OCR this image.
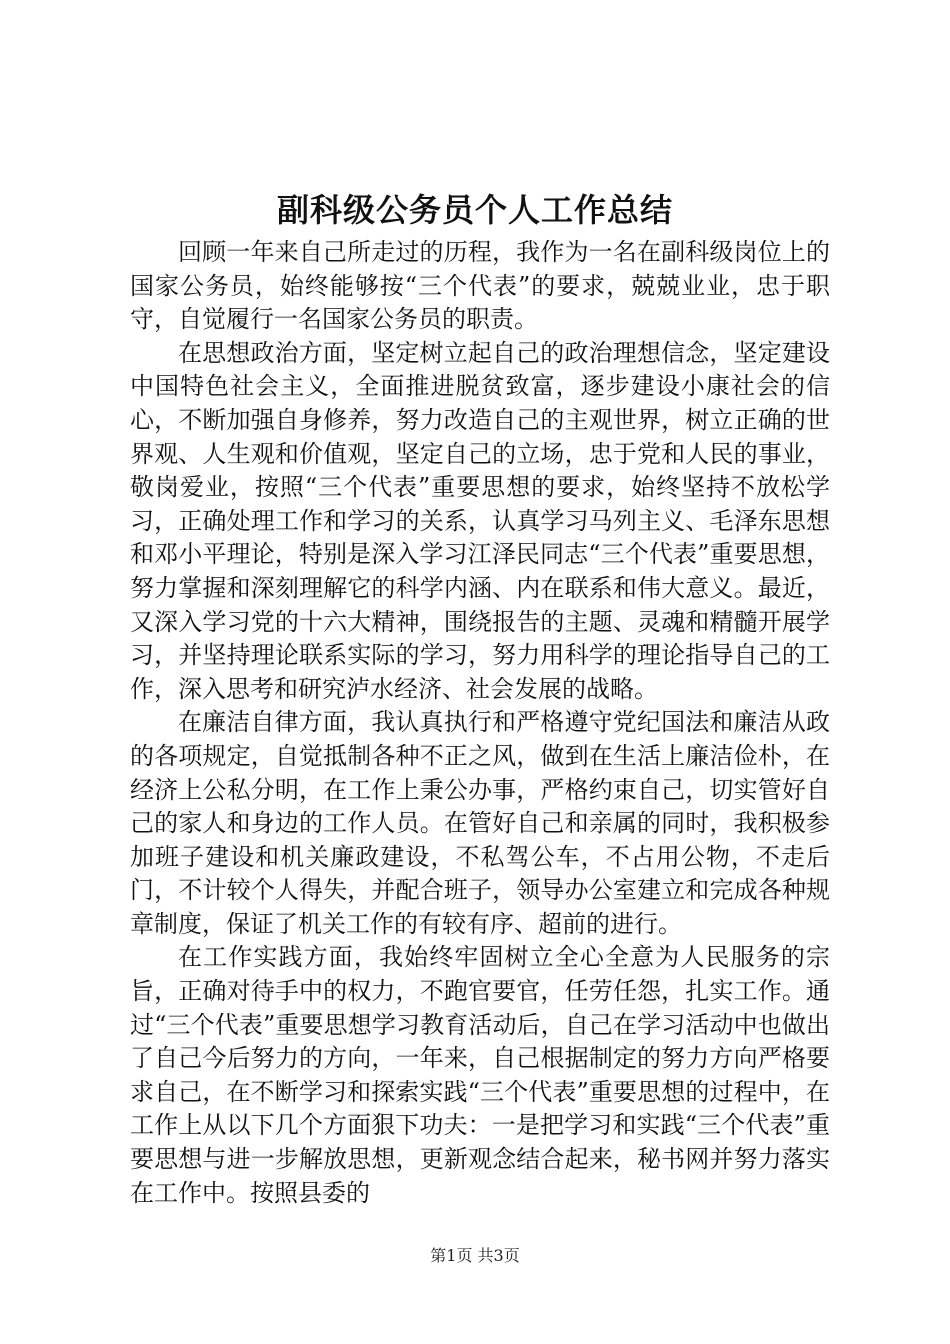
副科级公务员个人工作总结

回顾一年来自己所走过的历程，我作为一名在副科级岗位上的国家公务员，始终能够按“三个代表”的要求，兢兢业业，忠于职守，自觉履行一名国家公务员的职责。

在思想政治方面，坚定树立起自己的政治理想信念，坚定建设中国特色社会主义，全面推进脱贫致富，逐步建设小康社会的信心，不断加强自身修养，努力改造自己的主观世界，树立正确的世界观、人生观和价值观，坚定自己的立场，忠于党和人民的事业，敬岗爱业，按照“三个代表”重要思想的要求，始终坚持不放松学习，正确处理工作和学习的关系，认真学习马列主义、毛泽东思想和邓小平理论，特别是深入学习江泽民同志“三个代表”重要思想，努力掌握和深刻理解它的科学内涵、内在联系和伟大意义。最近，又深入学习党的十六大精神，围绕报告的主题、灵魂和精髓开展学习，并坚持理论联系实际的学习，努力用科学的理论指导自己的工作，深入思考和研究泸水经济、社会发展的战略。

在廉洁自律方面，我认真执行和严格遵守党纪国法和廉洁从政的各项规定，自觉抵制各种不正之风，做到在生活上廉洁俭朴，在经济上公私分明，在工作上秉公办事，严格约束自己，切实管好自己的家人和身边的工作人员。在管好自己和亲属的同时，我积极参加班子建设和机关廉政建设，不私驾公车，不占用公物，不走后门，不计较个人得失，并配合班子，领导办公室建立和完成各种规章制度，保证了机关工作的有较有序、超前的进行。

在工作实践方面，我始终牢固树立全心全意为人民服务的宗旨，正确对待手中的权力，不跑官要官，任劳任怨，扎实工作。通过“三个代表”重要思想学习教育活动后，自己在学习活动中也做出了自己今后努力的方向，一年来，自己根据制定的努力方向严格要求自己，在不断学习和探索实践“三个代表”重要思想的过程中，在工作上从以下几个方面狠下功夫：一是把学习和实践“三个代表”重要思想与进一步解放思想，更新观念结合起来，秘书网并努力落实在工作中。按照县委的

第1页 共3页
